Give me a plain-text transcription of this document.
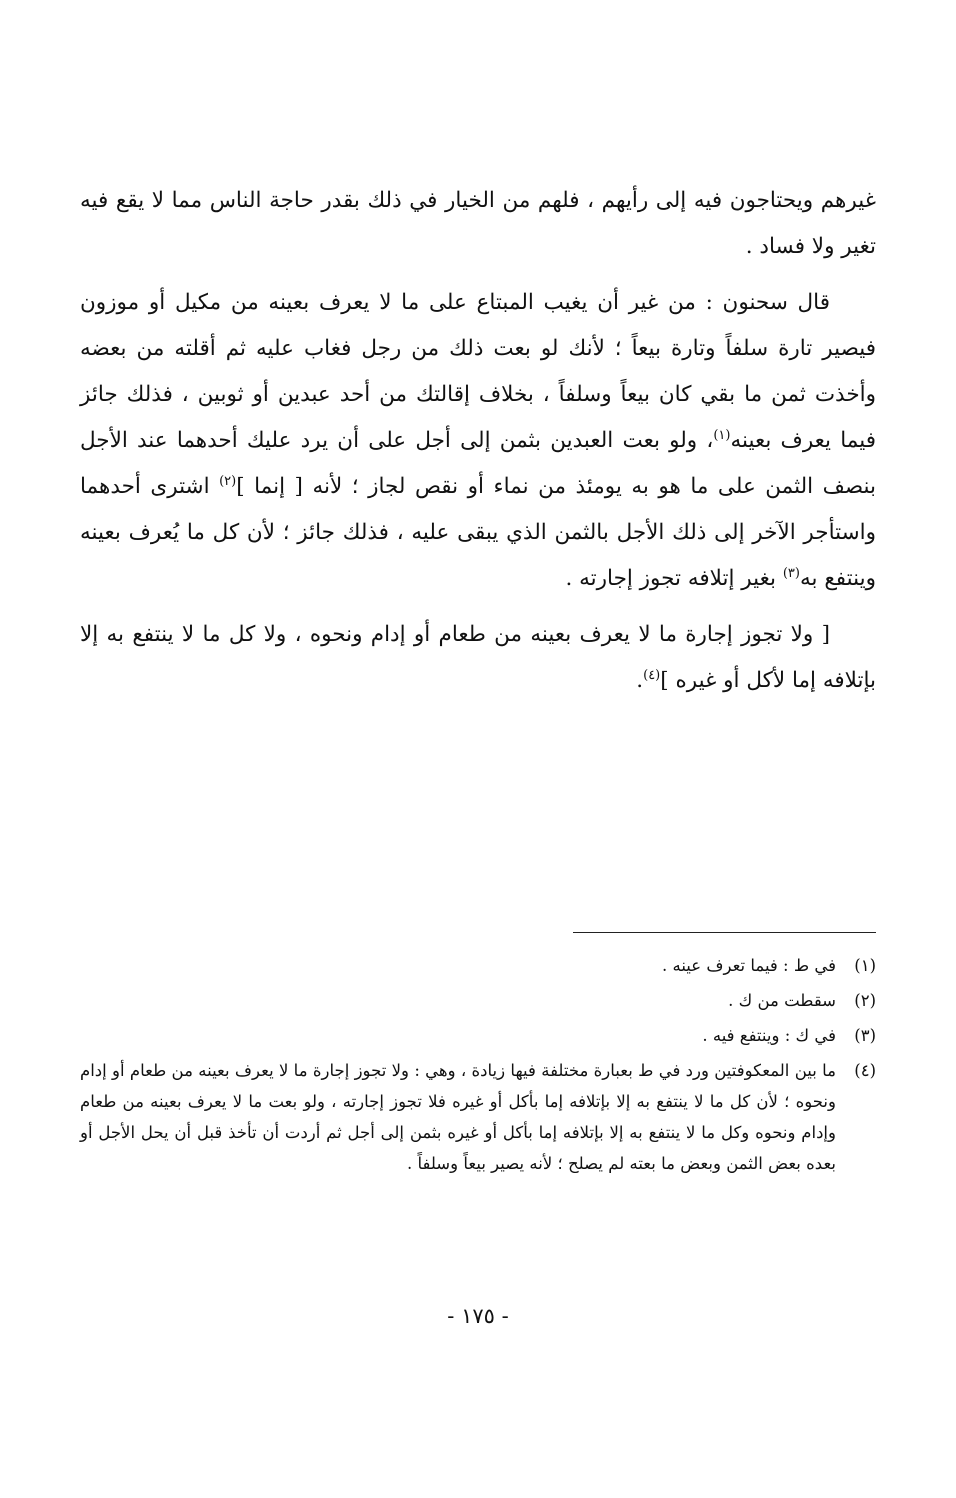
غيرهم ويحتاجون فيه إلى رأيهم ، فلهم من الخيار في ذلك بقدر حاجة الناس مما لا يقع فيه تغير ولا فساد .

قال سحنون : من غير أن يغيب المبتاع على ما لا يعرف بعينه من مكيل أو موزون فيصير تارة سلفاً وتارة بيعاً ؛ لأنك لو بعت ذلك من رجل فغاب عليه ثم أقلته من بعضه وأخذت ثمن ما بقي كان بيعاً وسلفاً ، بخلاف إقالتك من أحد عبدين أو ثوبين ، فذلك جائز فيما يعرف بعينه$^{(١)}$، ولو بعت العبدين بثمن إلى أجل على أن يرد عليك أحدهما عند الأجل بنصف الثمن على ما هو به يومئذ من نماء أو نقص لجاز ؛ لأنه [ إنما ]$^{(٢)}$ اشترى أحدهما واستأجر الآخر إلى ذلك الأجل بالثمن الذي يبقى عليه ، فذلك جائز ؛ لأن كل ما يُعرف بعينه وينتفع به$^{(٣)}$ بغير إتلافه تجوز إجارته .

[ ولا تجوز إجارة ما لا يعرف بعينه من طعام أو إدام ونحوه ، ولا كل ما لا ينتفع به إلا بإتلافه إما لأكل أو غيره ]$^{(٤)}$.

(١)
في ط : فيما تعرف عينه .
(٢)
سقطت من ك .
(٣)
في ك : وينتفع فيه .
(٤)
ما بين المعكوفتين ورد في ط بعبارة مختلفة فيها زيادة ، وهي : ولا تجوز إجارة ما لا يعرف بعينه من طعام أو إدام ونحوه ؛ لأن كل ما لا ينتفع به إلا بإتلافه إما بأكل أو غيره فلا تجوز إجارته ، ولو بعت ما لا يعرف بعينه من طعام وإدام ونحوه وكل ما لا ينتفع به إلا بإتلافه إما بأكل أو غيره بثمن إلى أجل ثم أردت أن تأخذ قبل أن يحل الأجل أو بعده بعض الثمن وبعض ما بعته لم يصلح ؛ لأنه يصير بيعاً وسلفاً .
- ١٧٥ -
